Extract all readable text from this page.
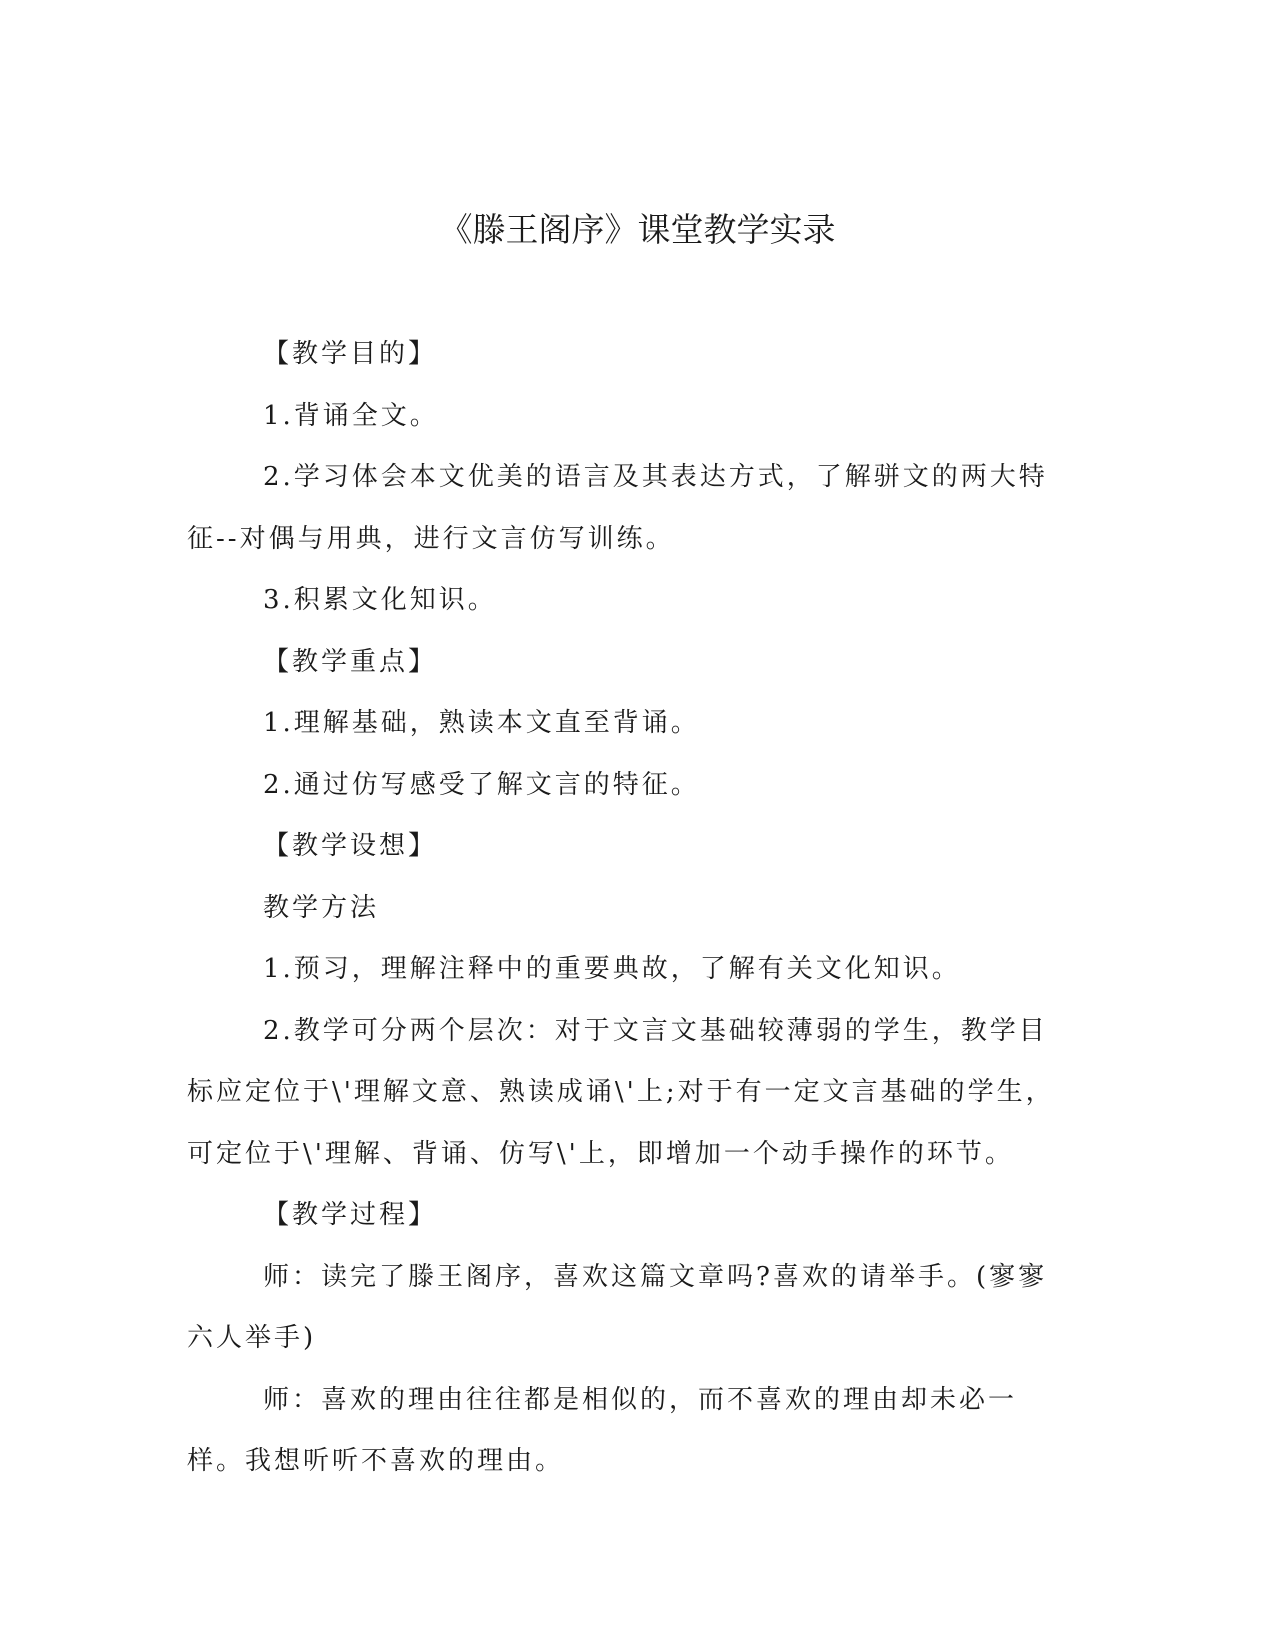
《滕王阁序》课堂教学实录

【教学目的】

1.背诵全文。

2.学习体会本文优美的语言及其表达方式，了解骈文的两大特征--对偶与用典，进行文言仿写训练。

3.积累文化知识。

【教学重点】

1.理解基础，熟读本文直至背诵。

2.通过仿写感受了解文言的特征。

【教学设想】

教学方法

1.预习，理解注释中的重要典故，了解有关文化知识。

2.教学可分两个层次：对于文言文基础较薄弱的学生，教学目标应定位于\'理解文意、熟读成诵\'上;对于有一定文言基础的学生，可定位于\'理解、背诵、仿写\'上，即增加一个动手操作的环节。

【教学过程】

师：读完了滕王阁序，喜欢这篇文章吗?喜欢的请举手。(寥寥六人举手)

师：喜欢的理由往往都是相似的，而不喜欢的理由却未必一样。我想听听不喜欢的理由。
